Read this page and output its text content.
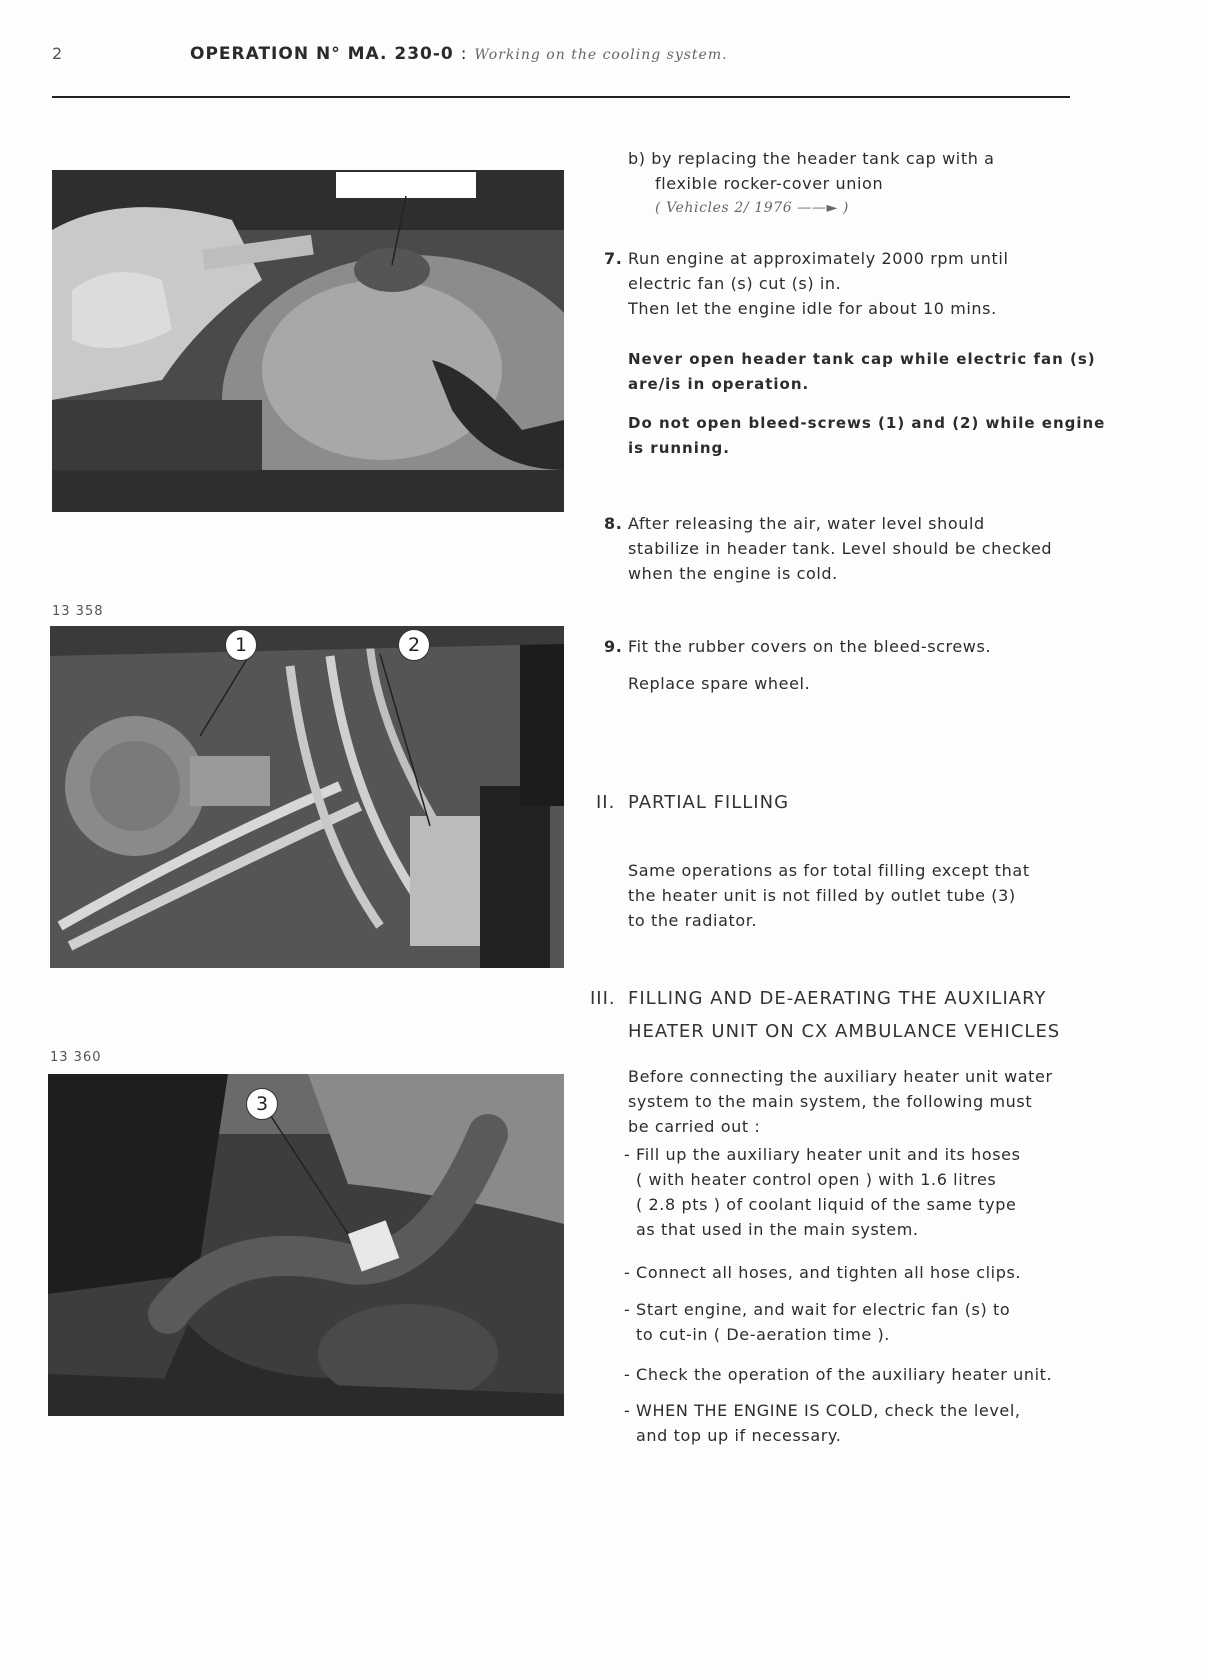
2	OPERATION N° MA. 230-0 : Working on the cooling system.
13 358
1	2
13 360
3
b) by replacing the header tank cap with a
flexible rocker-cover union
( Vehicles 2/ 1976 ——► )
7. Run engine at approximately 2000 rpm until
electric fan (s) cut (s) in.
Then let the engine idle for about 10 mins.
Never open header tank cap while electric fan (s)
are/is in operation.
Do not open bleed-screws (1) and (2) while engine
is running.
8. After releasing the air, water level should
stabilize in header tank. Level should be checked
when the engine is cold.
9. Fit the rubber covers on the bleed-screws.
Replace spare wheel.
II. PARTIAL FILLING
Same operations as for total filling except that
the heater unit is not filled by outlet tube (3)
to the radiator.
III. FILLING AND DE-AERATING THE AUXILIARY
HEATER UNIT ON CX AMBULANCE VEHICLES
Before connecting the auxiliary heater unit water
system to the main system, the following must
be carried out :
- Fill up the auxiliary heater unit and its hoses
( with heater control open ) with 1.6 litres
( 2.8 pts ) of coolant liquid of the same type
as that used in the main system.
- Connect all hoses, and tighten all hose clips.
- Start engine, and wait for electric fan (s) to
to cut-in ( De-aeration time ).
- Check the operation of the auxiliary heater unit.
- WHEN THE ENGINE IS COLD, check the level,
and top up if necessary.
